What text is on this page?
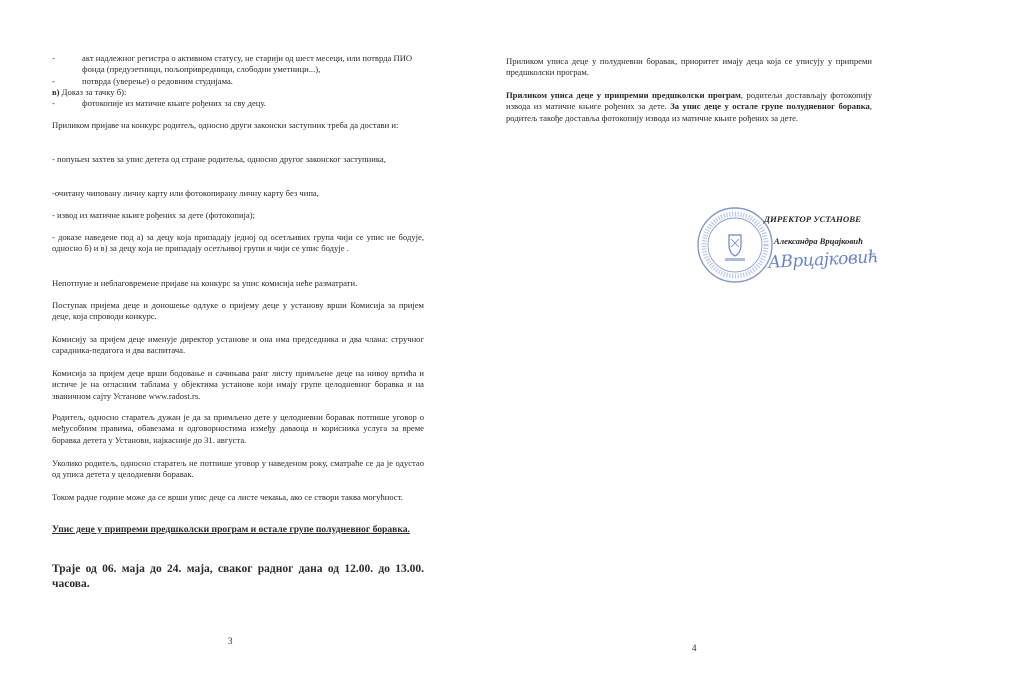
-	акт надлежног регистра о активном статусу, не старији од шест месеци, или потврда ПИО фонда (предузетници, пољопривредници, слободни уметници...),
-	потврда (уверење) о редовним студијама.
в) Доказ за тачку б):
-	фотокопије из матичне књиге рођених за сву децу.
Приликом пријаве на конкурс родитељ, односно други законски заступник треба да достави и:
- попуњен захтев за упис детета од стране родитеља, односно другог законског заступника,
-очитану чиповану личну карту или фотокопирану личну карту без чипа,
- извод из матичне књиге рођених за дете (фотокопија);
- доказе наведене под а) за децу која припадају једној од осетљивих група чији се упис не бодује, односно б) и в) за децу која не припадају осетљивој групи и чији се упис бодује .
Непотпуне и неблаговремене пријаве на конкурс за упис комисија неће разматрати.
Поступак пријема деце и доношење одлуке о пријему деце у установу врши Комисија за пријем деце, која спроводи конкурс.
Комисију за пријем деце именује директор установе и она има председника и два члана: стручног сарадника-педагога и два васпитача.
Комисија за пријем деце врши бодовање и сачињава ранг листу примљене деце на нивоу вртића и истиче је на огласним таблама у објектима установе који имају групе целодневног боравка и на званичном сајту Установе www.radost.rs.
Родитељ, односно старатељ дужан је да за примљено дете у целодневни боравак потпише уговор о међусобним правима, обавезама и одговорностима између даваоца и корисника услуга за време боравка детета у Установи, најкасније до 31. августа.
Уколико родитељ, односно старатељ не потпише уговор у наведеном року, сматраће се да је одустао од уписа детета у целодневни боравак.
Током радне године може да се врши упис деце са листе чекања, ако се створи таква могућност.
Упис деце у припреми предшколски програм и остале групе полудневног боравка.
Траје од 06. маја до 24. маја, сваког радног дана од 12.00. до 13.00. часова.
3
Приликом уписа деце у полудневни боравак, приоритет имају деца која се уписују у припреми предшколски програм.
Приликом уписа деце у припремни предшколски програм, родитељи достављају фотокопију извода из матичне књиге рођених за дете. За упис деце у остале групе полудневног боравка, родитељ такође доставља фотокопију извода из матичне књиге рођених за дете.
ДИРЕКТОР УСТАНОВЕ
Александра Врцајковић
АВрцајковић
4
